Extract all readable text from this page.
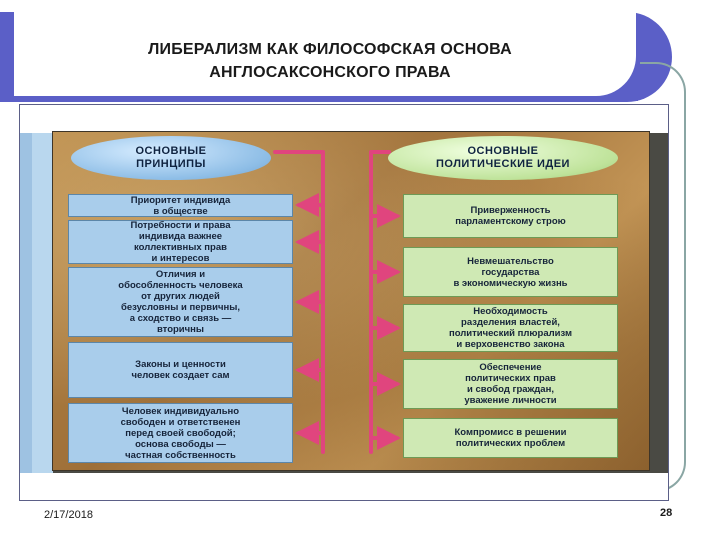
ЛИБЕРАЛИЗМ КАК ФИЛОСОФСКАЯ ОСНОВА
АНГЛОСАКСОНСКОГО ПРАВА
ОСНОВНЫЕ
ПРИНЦИПЫ
ОСНОВНЫЕ
ПОЛИТИЧЕСКИЕ ИДЕИ
Приоритет индивида
в обществе
Потребности и права
индивида важнее
коллективных прав
и интересов
Отличия и
обособленность человека
от других людей
безусловны и первичны,
а сходство и связь —
вторичны
Законы и ценности
человек создает сам
Человек индивидуально
свободен и ответственен
перед своей свободой;
основа свободы —
частная собственность
Приверженность
парламентскому строю
Невмешательство
государства
в экономическую жизнь
Необходимость
разделения властей,
политический плюрализм
и верховенство закона
Обеспечение
политических прав
и свобод граждан,
уважение личности
Компромисс в решении
политических проблем
2/17/2018	28
